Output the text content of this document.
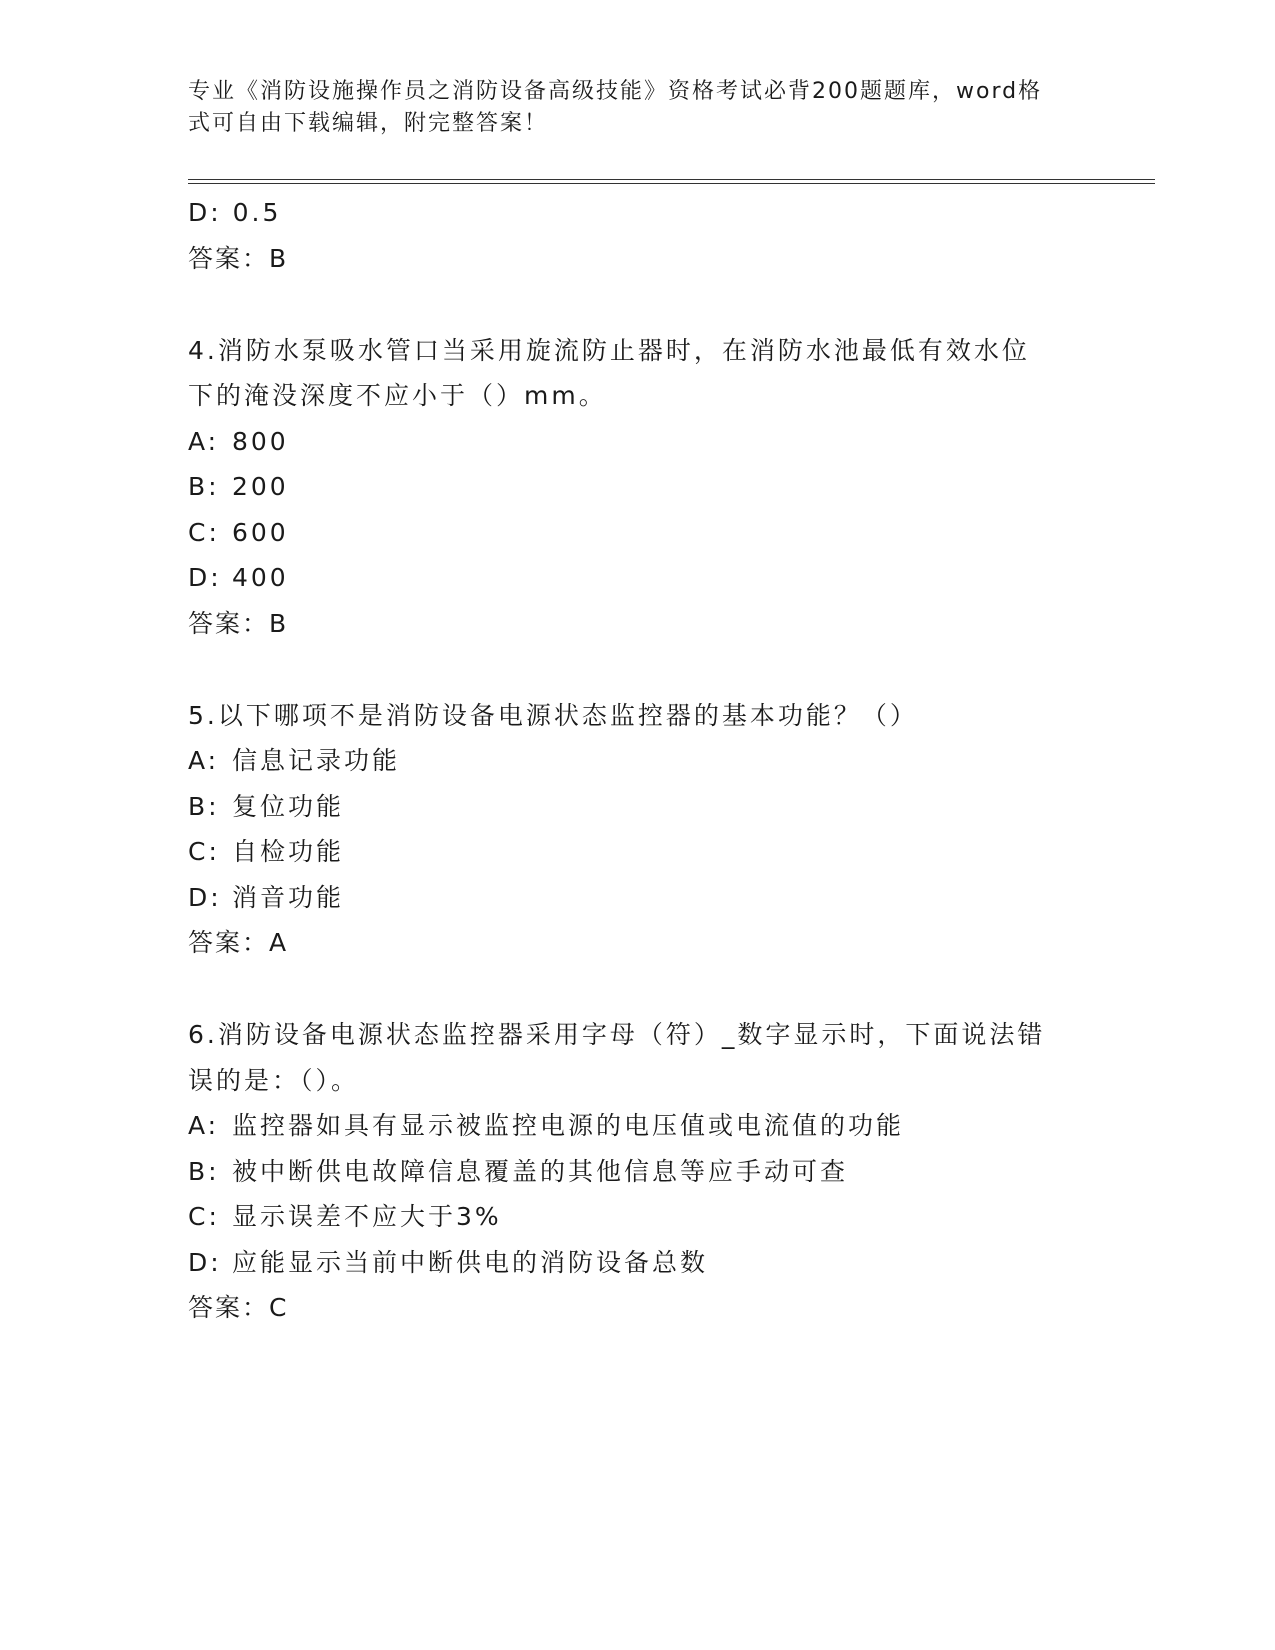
专业《消防设施操作员之消防设备高级技能》资格考试必背200题题库，word格
式可自由下载编辑，附完整答案！
D: 0.5
答案：B
4.消防水泵吸水管口当采用旋流防止器时，在消防水池最低有效水位
下的淹没深度不应小于（）mm。
A: 800
B: 200
C: 600
D: 400
答案：B
5.以下哪项不是消防设备电源状态监控器的基本功能？（）
A: 信息记录功能
B: 复位功能
C: 自检功能
D: 消音功能
答案：A
6.消防设备电源状态监控器采用字母（符）_数字显示时，下面说法错
误的是：（）。
A: 监控器如具有显示被监控电源的电压值或电流值的功能
B: 被中断供电故障信息覆盖的其他信息等应手动可查
C: 显示误差不应大于3%
D: 应能显示当前中断供电的消防设备总数
答案：C
